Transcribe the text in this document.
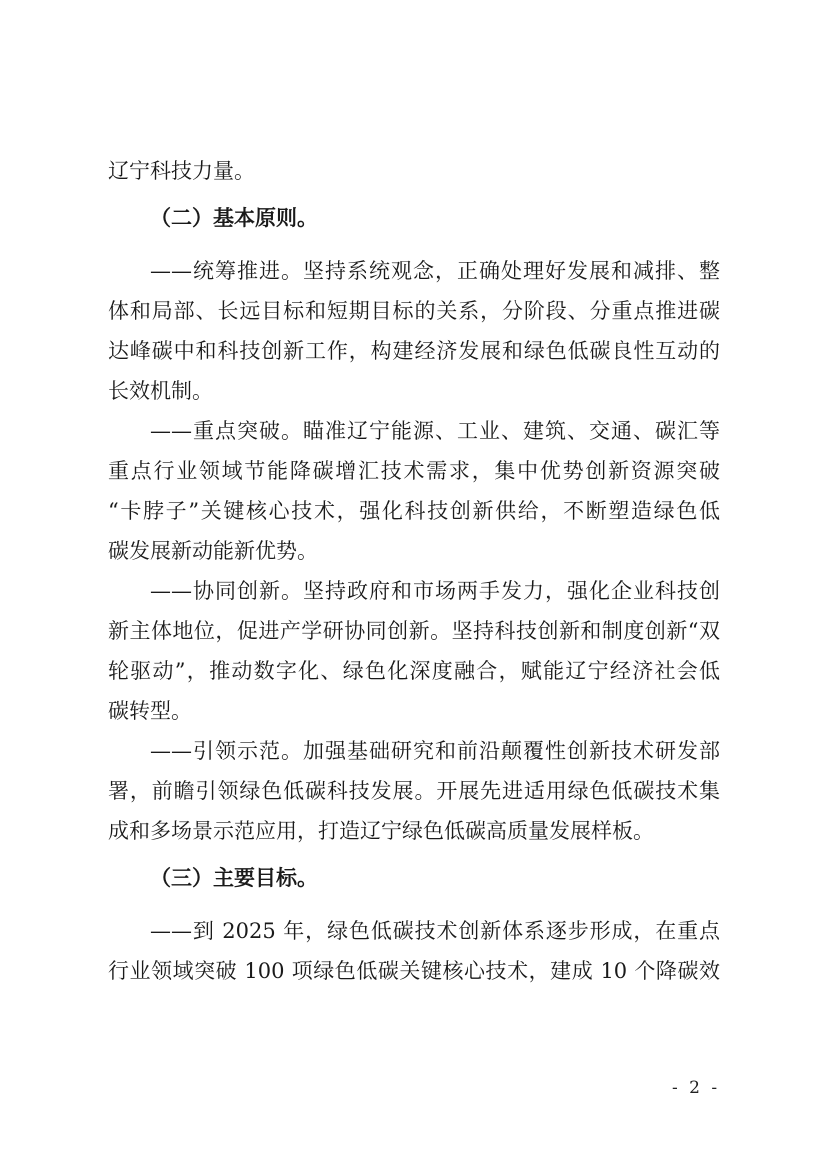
辽宁科技力量。
（二）基本原则。
——统筹推进。坚持系统观念，正确处理好发展和减排、整
体和局部、长远目标和短期目标的关系，分阶段、分重点推进碳
达峰碳中和科技创新工作，构建经济发展和绿色低碳良性互动的
长效机制。
——重点突破。瞄准辽宁能源、工业、建筑、交通、碳汇等
重点行业领域节能降碳增汇技术需求，集中优势创新资源突破
“卡脖子”关键核心技术，强化科技创新供给，不断塑造绿色低
碳发展新动能新优势。
——协同创新。坚持政府和市场两手发力，强化企业科技创
新主体地位，促进产学研协同创新。坚持科技创新和制度创新“双
轮驱动”，推动数字化、绿色化深度融合，赋能辽宁经济社会低
碳转型。
——引领示范。加强基础研究和前沿颠覆性创新技术研发部
署，前瞻引领绿色低碳科技发展。开展先进适用绿色低碳技术集
成和多场景示范应用，打造辽宁绿色低碳高质量发展样板。
（三）主要目标。
——到 2025 年，绿色低碳技术创新体系逐步形成，在重点
行业领域突破 100 项绿色低碳关键核心技术，建成 10 个降碳效
- 2 -
